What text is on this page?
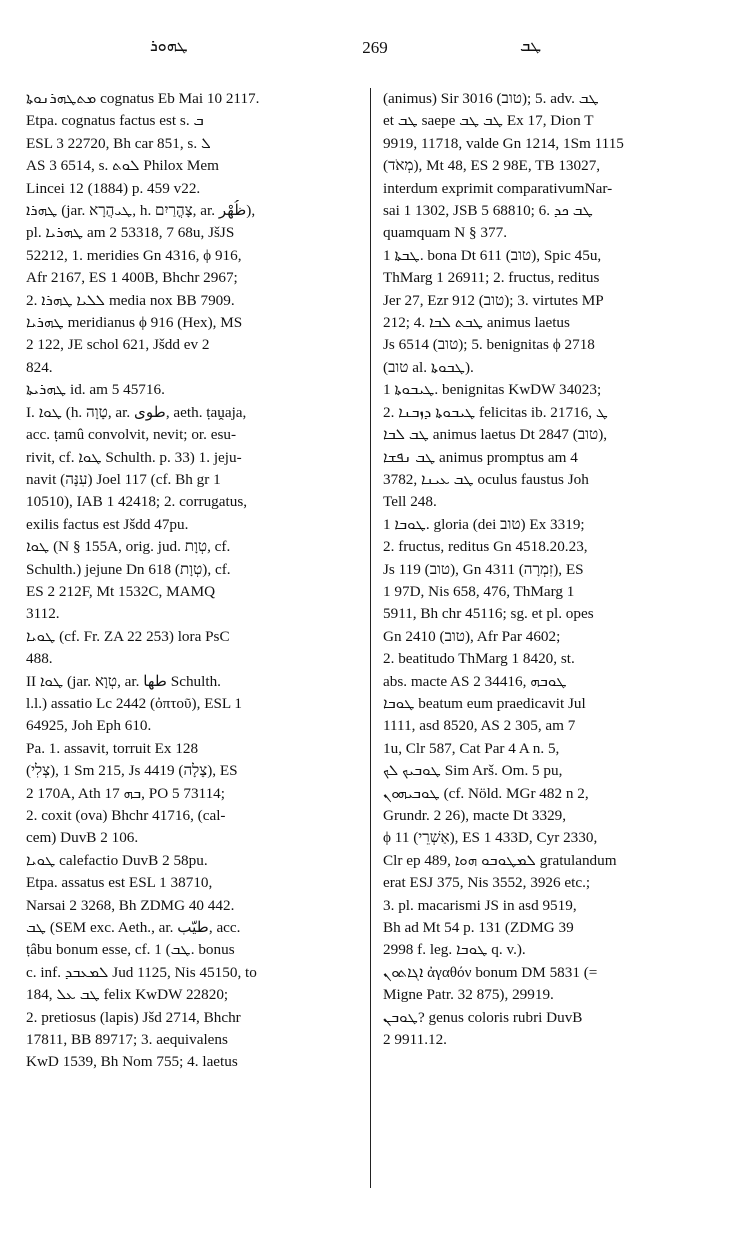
ܛܗܘܪ	269	ܛܒ
ܡܬܛܗܪܢܘܬܐ cognatus Eb Mai 10 2117.
Etpa. cognatus factus est s. ܒ
ESL 3 22720, Bh car 851, s. ܠ
AS 3 6514, s. ܠܘܬ Philox Mem
Lincei 12 (1884) p. 459 v22.
ܛܗܪܐ (jar. ܛܝהֲרָא, h. צָהֳרַיִם, ar. ظُهْر),
pl. ܛܗܪܝܐ am 2 53318, 7 68u, JšJS
52212, 1. meridies Gn 4316, ϕ 916,
Afr 2167, ES 1 400B, Bhchr 2967;
2. ܠܠܝܐ ܛܗܪܐ media nox BB 7909.
ܛܗܪܝܐ meridianus ϕ 916 (Hex), MS
2 122, JE schol 621, Jšdd ev 2
824.
ܛܗܪܝܬܐ id. am 5 45716.
I. ܛܘܐ (h. טָוָה, ar. طوى, aeth. ṭaṷaja,
acc. ṭamû convolvit, nevit; or. esu-
rivit, cf. ܛܘܐ Schulth. p. 33) 1. jeju-
navit (עִנָּה) Joel 117 (cf. Bh gr 1
10510), IAB 1 42418; 2. corrugatus,
exilis factus est Jšdd 47pu.
ܛܘܐ (N § 155A, orig. jud. טְוָת, cf.
Schulth.) jejune Dn 618 (טְוָת), cf.
ES 2 212F, Mt 1532C, MAMQ
3112.
ܛܘܝܐ (cf. Fr. ZA 22 253) lora PsC
488.
II ܛܘܐ (jar. טְוָא, ar. طها Schulth.
l.l.) assatio Lc 2442 (ὀπτοῦ), ESL 1
64925, Joh Eph 610.
Pa. 1. assavit, torruit Ex 128
(צְלִי), 1 Sm 215, Js 4419 (צָלָה), ES
2 170A, Ath ܒܗ 17, PO 5 73114;
2. coxit (ova) Bhchr 41716, (cal-
cem) DuvB 2 106.
ܛܘܝܐ calefactio DuvB 2 58pu.
Etpa. assatus est ESL 1 38710,
Narsai 2 3268, Bh ZDMG 40 442.
ܛܒ (SEM exc. Aeth., ar. طيّب, acc.
ṭâbu bonum esse, cf. ܛܒ) 1. bonus
c. inf. ܠܡܥܒܕ Jud 1125, Nis 45150, to
184, ܛܒ ܥܠ felix KwDW 22820;
2. pretiosus (lapis) Jšd 2714, Bhchr
17811, BB 89717; 3. aequivalens
KwD 1539, Bh Nom 755; 4. laetus
(animus) Sir 3016 (טוב); 5. adv. ܛܒ
et ܛܒ saepe ܛܒ ܛܒ Ex 17, Dion T
9919, 11718, valde Gn 1214, 1Sm 1115
(מְאֹד), Mt 48, ES 2 98E, TB 13027,
interdum exprimit comparativumNar-
sai 1 1302, JSB 5 68810; 6. ܛܒ ܟܕ
quamquam N § 377.
ܛܒܬܐ 1. bona Dt 611 (טוב), Spic 45u,
ThMarg 1 26911; 2. fructus, reditus
Jer 27, Ezr 912 (טוב); 3. virtutes MP
212; 4. ܛܒܬ ܠܒܐ animus laetus
Js 6514 (טוב); 5. benignitas ϕ 2718
(טוב al. ܛܒܘܬܐ).
ܛܝܒܘܬܐ 1. benignitas KwDW 34023;
2. ܛܝܒܘܬܐ ܕܙܒܢܐ felicitas ib. 21716, ܛ
ܛܒ ܠܒܐ animus laetus Dt 2847 (טוב),
ܛܒ ܢܦܫܐ animus promptus am 4
3782, ܛܒ ܥܝܢܐ oculus faustus Joh
Tell 248.
ܛܘܒܐ 1. gloria (dei טוב) Ex 3319;
2. fructus, reditus Gn 4518.20.23,
Js 119 (טוב), Gn 4311 (זִמְרָה), ES
1 97D, Nis 658, 476, ThMarg 1
5911, Bh chr 45116; sg. et pl. opes
Gn 2410 (טוב), Afr Par 4602;
2. beatitudo ThMarg 1 8420, st.
abs. macte AS 2 34416, ܛܘܒܗ
ܛܘܒܐ beatum eum praedicavit Jul
1111, asd 8520, AS 2 305, am 7
1u, Clr 587, Cat Par 4 A n. 5,
ܛܘܒܝܟ ܠܟ Sim Arš. Om. 5 pu,
ܛܘܒܝܗܘܢ (cf. Nöld. MGr 482 n 2,
Grundr. 2 26), macte Dt 3329,
ϕ 11 (אַשְׁרֵי), ES 1 433D, Cyr 2330,
Clr ep 489, ܠܡܛܘܒܘ ܗܘܐ gratulandum
erat ESJ 375, Nis 3552, 3926 etc.;
3. pl. macarismi JS in asd 9519,
Bh ad Mt 54 p. 131 (ZDMG 39
2998 f. leg. ܛܘܒܐ q. v.).
ܐܓܐܬܘܢ ἀγαθόν bonum DM 5831 (=
Migne Patr. 32 875), 29919.
ܛܘܒܢ? genus coloris rubri DuvB
2 9911.12.
